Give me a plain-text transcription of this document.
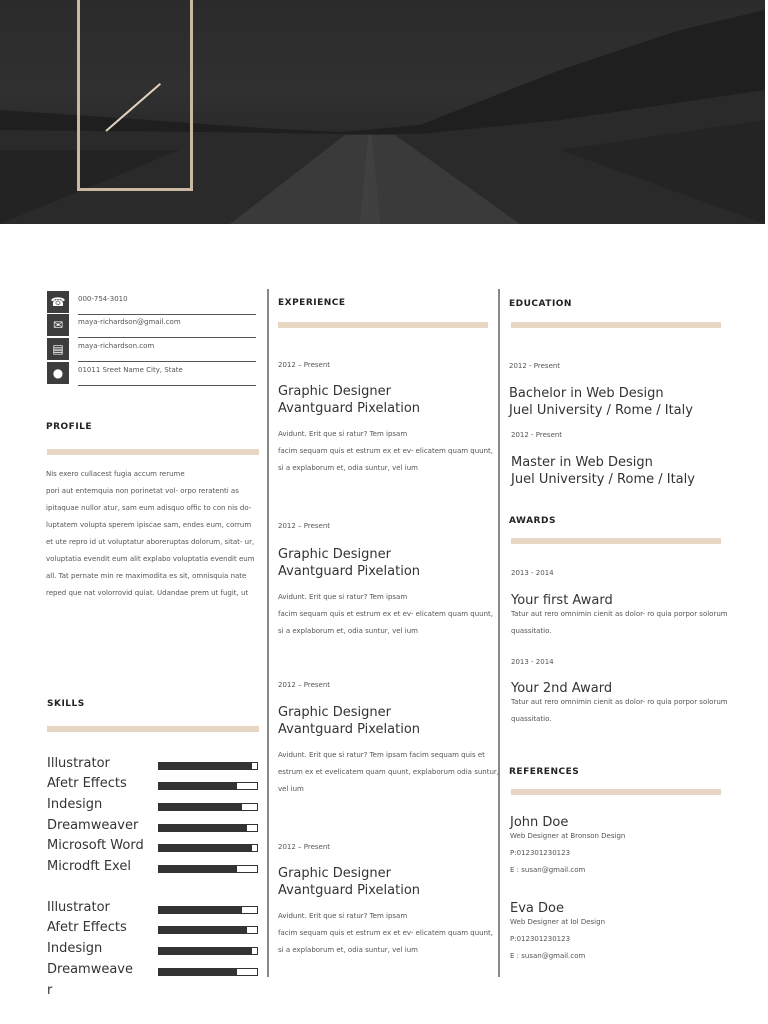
☎	000-754-3010
✉	maya-richardson@gmail.com
▤	maya-richardson.com
●	01011 Sreet Name City, State
PROFILE
Nis exero cullacest fugia accum rerume
pori aut entemquia non porinetat vol- orpo reratenti as
ipitaquae nullor atur, sam eum adisquo offic to con nis do-
luptatem volupta sperem ipiscae sam, endes eum, corrum
et ute repro id ut voluptatur aboreruptas dolorum, sitat- ur,
voluptatia evendit eum alit explabo voluptatia evendit eum
all. Tat pernate min re maximodita es sit, omnisquia nate
reped que nat volorrovid quiat. Udandae prem ut fugit, ut
SKILLS
Illustrator
Afetr Effects
Indesign
Dreamweaver
Microsoft Word
Microdft Exel
Illustrator
Afetr Effects
Indesign
Dreamweave
r
EXPERIENCE
2012 – Present
Graphic Designer
Avantguard Pixelation
Avidunt. Erit que si ratur? Tem ipsam
facim sequam quis et estrum ex et ev- elicatem quam quunt,
si a explaborum et, odia suntur, vel ium
2012 – Present
Graphic Designer
Avantguard Pixelation
Avidunt. Erit que si ratur? Tem ipsam
facim sequam quis et estrum ex et ev- elicatem quam quunt,
si a explaborum et, odia suntur, vel ium
2012 – Present
Graphic Designer
Avantguard Pixelation
Avidunt. Erit que si ratur? Tem ipsam facim sequam quis et
estrum ex et evelicatem quam quunt, explaborum odia suntur,
vel ium
2012 – Present
Graphic Designer
Avantguard Pixelation
Avidunt. Erit que si ratur? Tem ipsam
facim sequam quis et estrum ex et ev- elicatem quam quunt,
si a explaborum et, odia suntur, vel ium
EDUCATION
2012 - Present
Bachelor in Web Design
Juel University / Rome / Italy
2012 - Present
Master in Web Design
Juel University / Rome / Italy
AWARDS
2013 - 2014
Your first Award
Tatur aut rero omnimin cienit as dolor- ro quia porpor solorum
quassitatio.
2013 - 2014
Your 2nd Award
Tatur aut rero omnimin cienit as dolor- ro quia porpor solorum
quassitatio.
REFERENCES
John Doe
Web Designer at Bronson Design
P:012301230123
E : susan@gmail.com
Eva Doe
Web Designer at Iol Design
P:012301230123
E : susan@gmail.com
